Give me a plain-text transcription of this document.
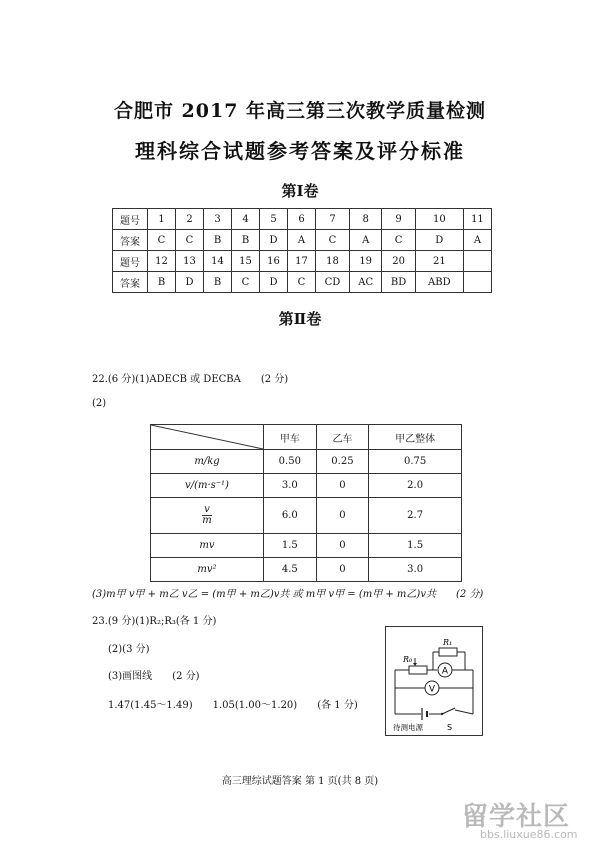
合肥市 2017 年高三第三次教学质量检测
理科综合试题参考答案及评分标准
第Ⅰ卷
题号	1	2	3	4	5	6	7	8	9	10	11
答案	C	C	B	B	D	A	C	A	C	D	A
题号	12	13	14	15	16	17	18	19	20	21	
答案	B	D	B	C	D	C	CD	AC	BD	ABD	
第Ⅱ卷
22.(6 分)(1)ADECB 或 DECBA　　(2 分)
(2)
	甲车	乙车	甲乙整体
m/kg	0.50	0.25	0.75
v/(m·s⁻¹)	3.0	0	2.0

$\frac{v}{m}$	6.0	0	2.7
mv	1.5	0	1.5
mv²	4.5	0	3.0
(3)m甲 v甲 + m乙 v乙 = (m甲 + m乙)v共 或 m甲 v甲 = (m甲 + m乙)v共　　(2 分)
23.(9 分)(1)R₂;R₃(各 1 分)
(2)(3 分)
(3)画图线　　(2 分)
1.47(1.45～1.49)　　1.05(1.00～1.20)　　(各 1 分)
A
V
R₁
R₀
待测电源	S
高三理综试题答案 第 1 页(共 8 页)
留学社区
bbs.liuxue86.com
